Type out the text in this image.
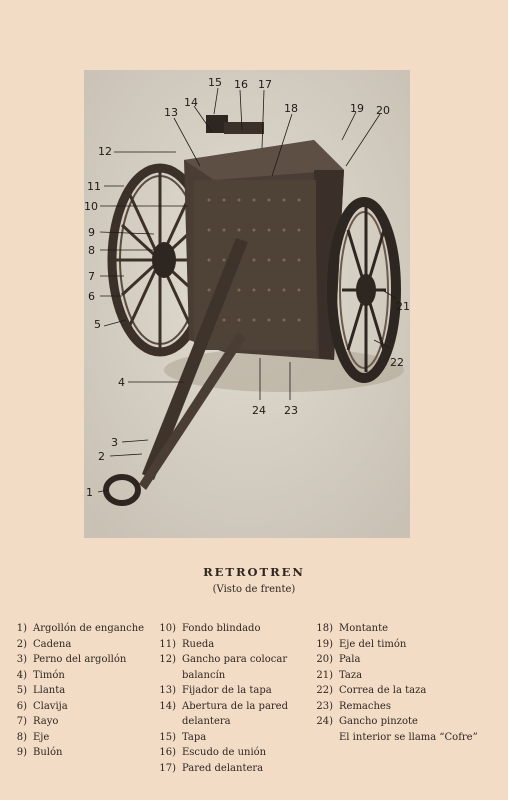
1
2
3
4
5
6
7
8
9
10
11
12
13
14
15 16 17
18	19 20
21
22
23
24
RETROTREN
(Visto de frente)
1) Argollón de enganche
2) Cadena
3) Perno del argollón
4) Timón
5) Llanta
6) Clavija
7) Rayo
8) Eje
9) Bulón
10) Fondo blindado
11) Rueda
12) Gancho para colocar balancín
13) Fijador de la tapa
14) Abertura de la pared delantera
15) Tapa
16) Escudo de unión
17) Pared delantera
18) Montante
19) Eje del timón
20) Pala
21) Taza
22) Correa de la taza
23) Remaches
24) Gancho pinzote
El interior se llama “Cofre”
